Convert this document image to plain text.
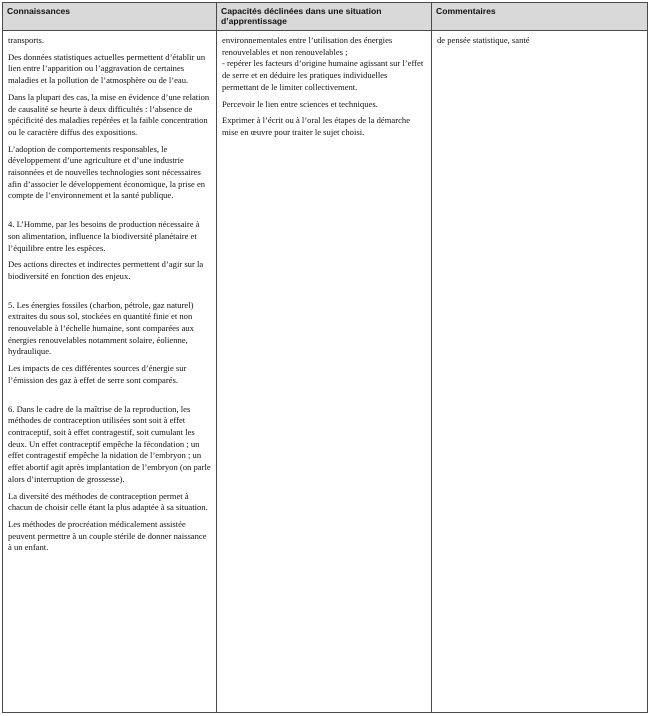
Connaissances	Capacités déclinées dans une situation d’apprentissage
Commentaires

transports.

Des données statistiques actuelles permettent d’établir un lien entre l’apparition ou l’aggravation de certaines maladies et la pollution de l’atmosphère ou de l’eau.

Dans la plupart des cas, la mise en évidence d’une relation de causalité se heurte à deux difficultés : l’absence de spécificité des maladies repérées et la faible concentration ou le caractère diffus des expositions.

L’adoption de comportements responsables, le développement d’une agriculture et d’une industrie raisonnées et de nouvelles technologies sont nécessaires afin d’associer le développement économique, la prise en compte de l’environnement et la santé publique.

4. L’Homme, par les besoins de production nécessaire à son alimentation, influence la biodiversité planétaire et l’équilibre entre les espèces.

Des actions directes et indirectes permettent d’agir sur la biodiversité en fonction des enjeux.

5. Les énergies fossiles (charbon, pétrole, gaz naturel) extraites du sous sol, stockées en quantité finie et non renouvelable à l’échelle humaine, sont comparées aux énergies renouvelables notamment solaire, éolienne, hydraulique.

Les impacts de ces différentes sources d’énergie sur l’émission des gaz à effet de serre sont comparés.

6. Dans le cadre de la maîtrise de la reproduction, les méthodes de contraception utilisées sont soit à effet contraceptif, soit à effet contragestif, soit cumulant les deux. Un effet contraceptif empêche la fécondation ; un effet contragestif empêche la nidation de l’embryon ; un effet abortif agit après implantation de l’embryon (on parle alors d’interruption de grossesse).

La diversité des méthodes de contraception permet à chacun de choisir celle étant la plus adaptée à sa situation.

Les méthodes de procréation médicalement assistée peuvent permettre à un couple stérile de donner naissance à un enfant.

environnementales entre l’utilisation des énergies renouvelables et non renouvelables ;
- repérer les facteurs d’origine humaine agissant sur l’effet de serre et en déduire les pratiques individuelles permettant de le limiter collectivement.

Percevoir le lien entre sciences et techniques.

Exprimer à l’écrit ou à l’oral les étapes de la démarche mise en œuvre pour traiter le sujet choisi.

de pensée statistique, santé
